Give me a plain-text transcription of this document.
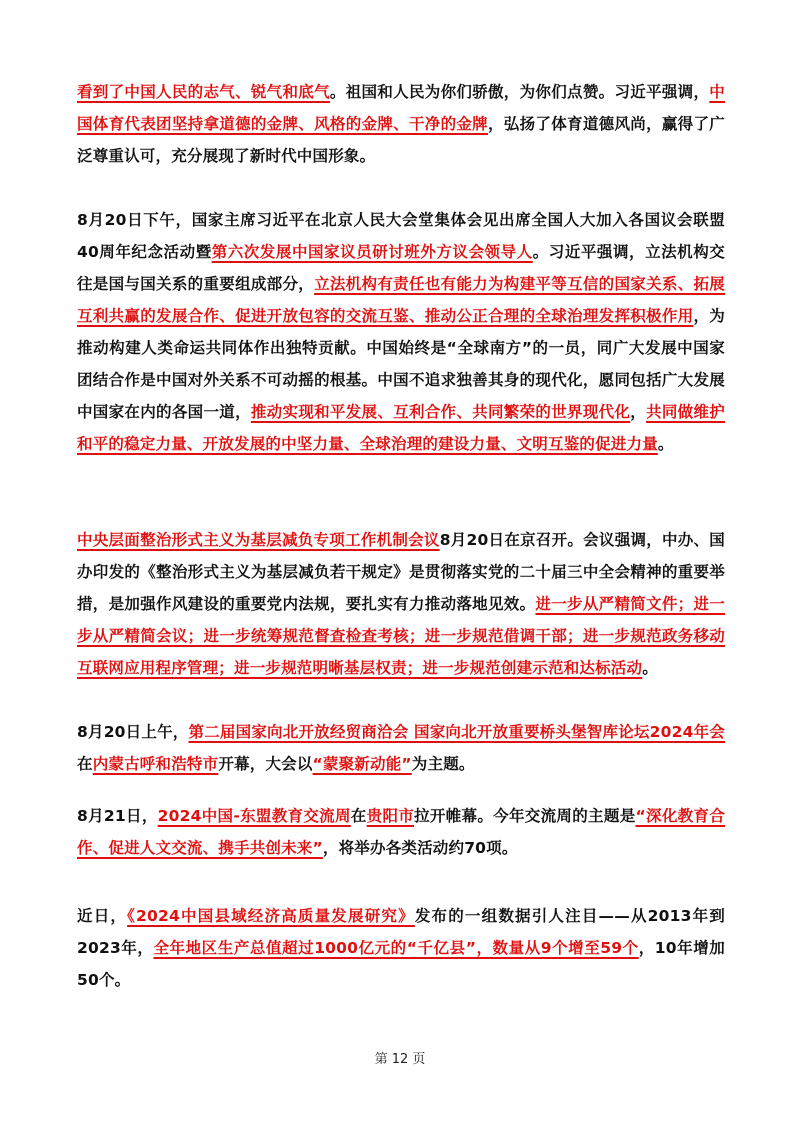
看到了中国人民的志气、锐气和底气。祖国和人民为你们骄傲，为你们点赞。习近平强调，中国体育代表团坚持拿道德的金牌、风格的金牌、干净的金牌，弘扬了体育道德风尚，赢得了广泛尊重认可，充分展现了新时代中国形象。

8月20日下午，国家主席习近平在北京人民大会堂集体会见出席全国人大加入各国议会联盟40周年纪念活动暨第六次发展中国家议员研讨班外方议会领导人。习近平强调，立法机构交往是国与国关系的重要组成部分，立法机构有责任也有能力为构建平等互信的国家关系、拓展互利共赢的发展合作、促进开放包容的交流互鉴、推动公正合理的全球治理发挥积极作用，为推动构建人类命运共同体作出独特贡献。中国始终是“全球南方”的一员，同广大发展中国家团结合作是中国对外关系不可动摇的根基。中国不追求独善其身的现代化，愿同包括广大发展中国家在内的各国一道，推动实现和平发展、互利合作、共同繁荣的世界现代化，共同做维护和平的稳定力量、开放发展的中坚力量、全球治理的建设力量、文明互鉴的促进力量。

中央层面整治形式主义为基层减负专项工作机制会议8月20日在京召开。会议强调，中办、国办印发的《整治形式主义为基层减负若干规定》是贯彻落实党的二十届三中全会精神的重要举措，是加强作风建设的重要党内法规，要扎实有力推动落地见效。进一步从严精简文件；进一步从严精简会议；进一步统筹规范督查检查考核；进一步规范借调干部；进一步规范政务移动互联网应用程序管理；进一步规范明晰基层权责；进一步规范创建示范和达标活动。

8月20日上午，第二届国家向北开放经贸商洽会 国家向北开放重要桥头堡智库论坛2024年会在内蒙古呼和浩特市开幕，大会以“蒙聚新动能”为主题。

8月21日，2024中国-东盟教育交流周在贵阳市拉开帷幕。今年交流周的主题是“深化教育合作、促进人文交流、携手共创未来”，将举办各类活动约70项。

近日，《2024中国县域经济高质量发展研究》发布的一组数据引人注目——从2013年到2023年，全年地区生产总值超过1000亿元的“千亿县”，数量从9个增至59个，10年增加50个。

第 12 页
